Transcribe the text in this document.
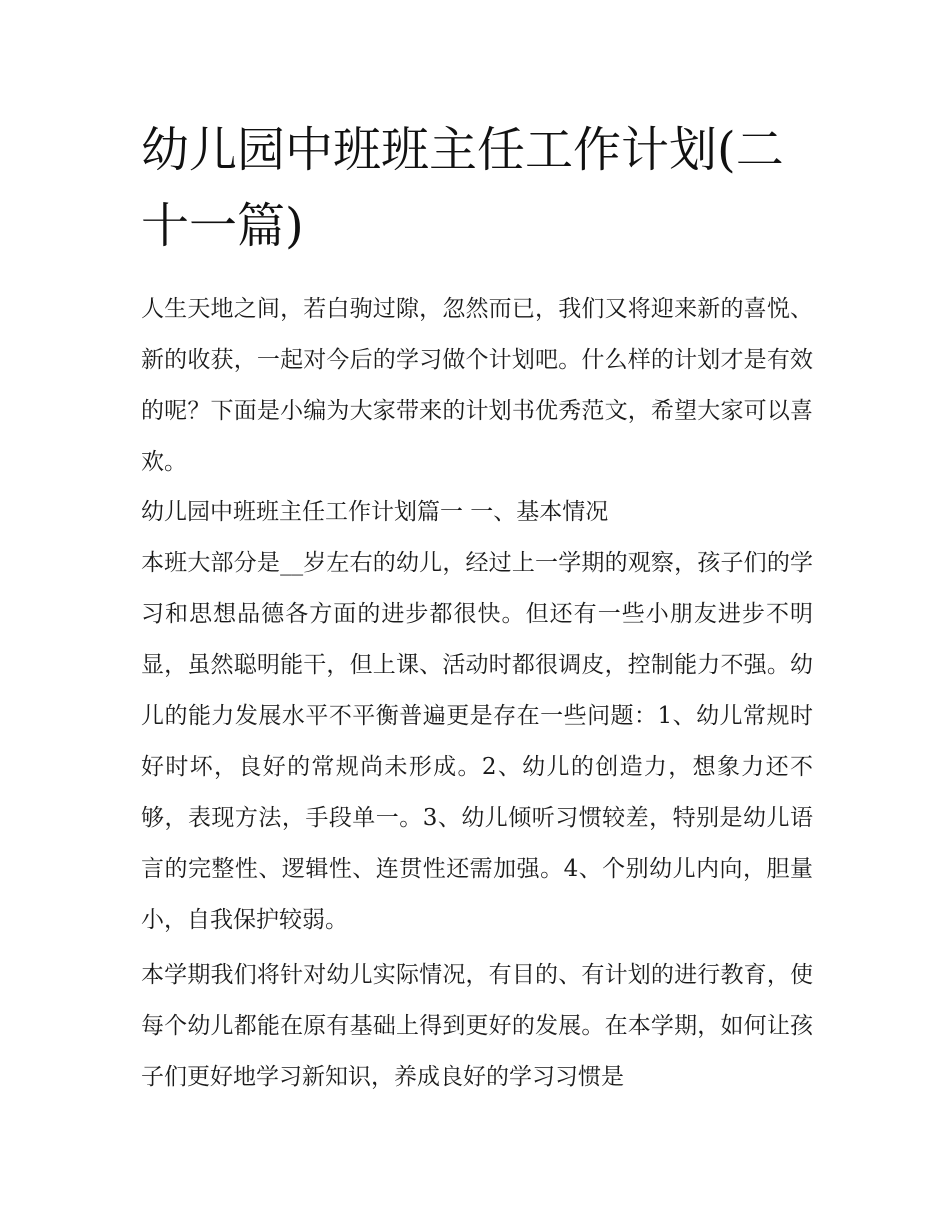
幼儿园中班班主任工作计划(二十一篇)

人生天地之间，若白驹过隙，忽然而已，我们又将迎来新的喜悦、新的收获，一起对今后的学习做个计划吧。什么样的计划才是有效的呢？下面是小编为大家带来的计划书优秀范文，希望大家可以喜欢。

幼儿园中班班主任工作计划篇一 一、基本情况

本班大部分是__岁左右的幼儿，经过上一学期的观察，孩子们的学习和思想品德各方面的进步都很快。但还有一些小朋友进步不明显，虽然聪明能干，但上课、活动时都很调皮，控制能力不强。幼儿的能力发展水平不平衡普遍更是存在一些问题：1、幼儿常规时好时坏，良好的常规尚未形成。2、幼儿的创造力，想象力还不够，表现方法，手段单一。3、幼儿倾听习惯较差，特别是幼儿语言的完整性、逻辑性、连贯性还需加强。4、个别幼儿内向，胆量小，自我保护较弱。

本学期我们将针对幼儿实际情况，有目的、有计划的进行教育，使每个幼儿都能在原有基础上得到更好的发展。在本学期，如何让孩子们更好地学习新知识，养成良好的学习习惯是
